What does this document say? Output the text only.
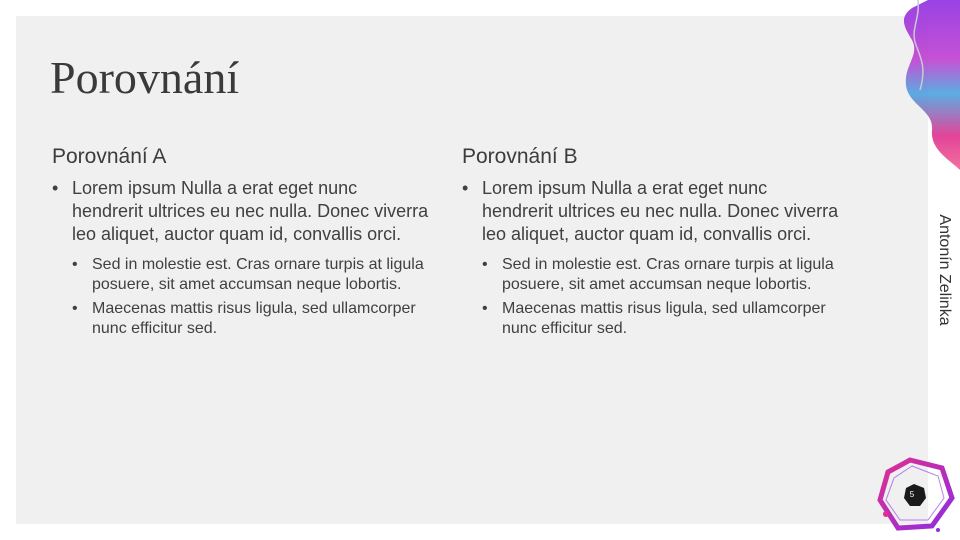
Porovnání
Porovnání A
• Lorem ipsum Nulla a erat eget nunc hendrerit ultrices eu nec nulla. Donec viverra leo aliquet, auctor quam id, convallis orci.
• Sed in molestie est. Cras ornare turpis at ligula posuere, sit amet accumsan neque lobortis.
• Maecenas mattis risus ligula, sed ullamcorper nunc efficitur sed.
Porovnání B
• Lorem ipsum Nulla a erat eget nunc hendrerit ultrices eu nec nulla. Donec viverra leo aliquet, auctor quam id, convallis orci.
• Sed in molestie est. Cras ornare turpis at ligula posuere, sit amet accumsan neque lobortis.
• Maecenas mattis risus ligula, sed ullamcorper nunc efficitur sed.
Antonín Zelinka
5
